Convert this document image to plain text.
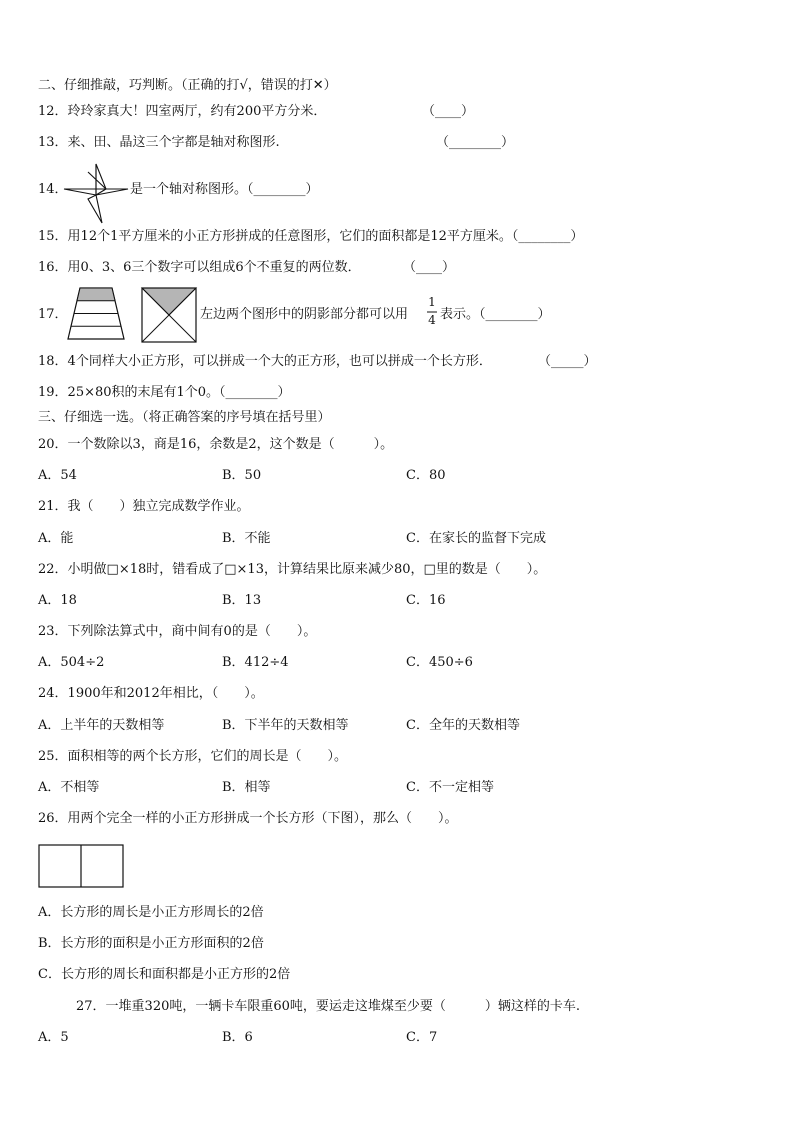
二、仔细推敲，巧判断。（正确的打√，错误的打✕）
12．玲玲家真大！四室两厅，约有200平方分米．	（____）
13．来、田、晶这三个字都是轴对称图形.	（________）
14．	是一个轴对称图形。（________）
15．用12个1平方厘米的小正方形拼成的任意图形，它们的面积都是12平方厘米。（________）
16．用0、3、6三个数字可以组成6个不重复的两位数．	（____）
17．	左边两个图形中的阴影部分都可以用
1
4 表示。（________）
18．4个同样大小正方形，可以拼成一个大的正方形，也可以拼成一个长方形．	（_____）
19．25×80积的末尾有1个0。（________）
三、仔细选一选。（将正确答案的序号填在括号里）
20．一个数除以3，商是16，余数是2，这个数是（　　　）。
A．54	B．50	C．80
21．我（　　）独立完成数学作业。
A．能	B．不能	C．在家长的监督下完成
22．小明做□×18时，错看成了□×13，计算结果比原来减少80，□里的数是（　　）。
A．18	B．13	C．16
23．下列除法算式中，商中间有0的是（　　）。
A．504÷2	B．412÷4	C．450÷6
24．1900年和2012年相比，（　　）。
A．上半年的天数相等	B．下半年的天数相等	C．全年的天数相等
25．面积相等的两个长方形，它们的周长是（　　）。
A．不相等	B．相等	C．不一定相等
26．用两个完全一样的小正方形拼成一个长方形（下图），那么（　　）。
A．长方形的周长是小正方形周长的2倍
B．长方形的面积是小正方形面积的2倍
C．长方形的周长和面积都是小正方形的2倍
27．一堆重320吨，一辆卡车限重60吨，要运走这堆煤至少要（　　　）辆这样的卡车.
A．5	B．6	C．7
